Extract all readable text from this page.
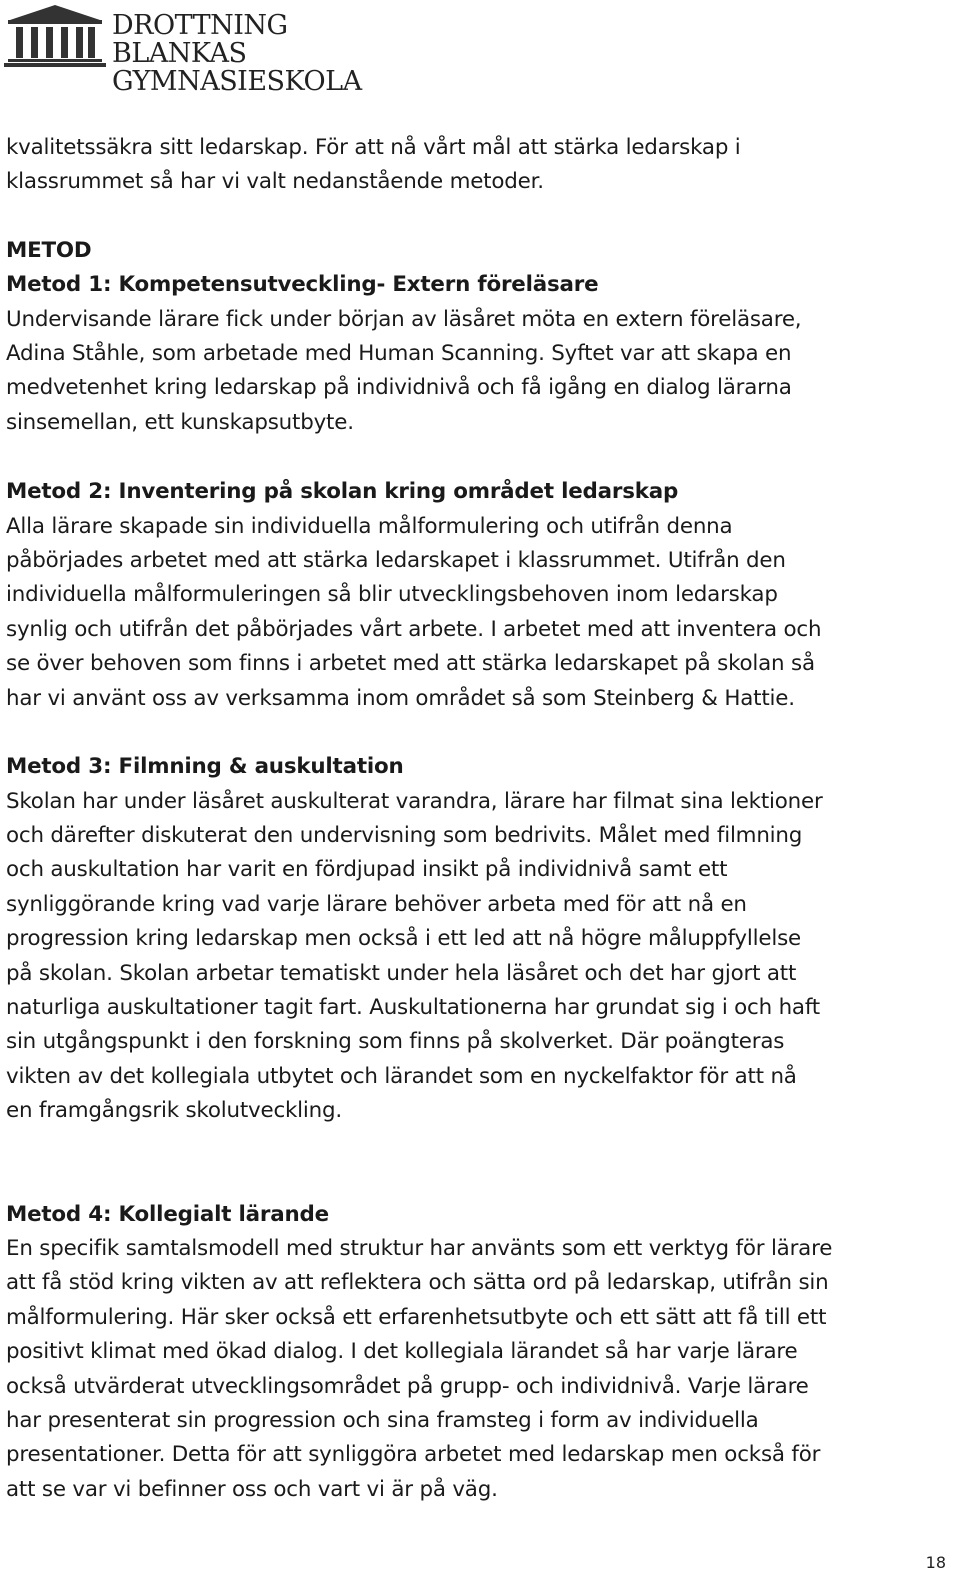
DROTTNING BLANKAS
GYMNASIESKOLA

kvalitetssäkra sitt ledarskap. För att nå vårt mål att stärka ledarskap i

klassrummet så har vi valt nedanstående metoder.

METOD

Metod 1: Kompetensutveckling- Extern föreläsare

Undervisande lärare fick under början av läsåret möta en extern föreläsare,

Adina Ståhle, som arbetade med Human Scanning. Syftet var att skapa en

medvetenhet kring ledarskap på individnivå och få igång en dialog lärarna

sinsemellan, ett kunskapsutbyte.

Metod 2: Inventering på skolan kring området ledarskap

Alla lärare skapade sin individuella målformulering och utifrån denna

påbörjades arbetet med att stärka ledarskapet i klassrummet. Utifrån den

individuella målformuleringen så blir utvecklingsbehoven inom ledarskap

synlig och utifrån det påbörjades vårt arbete. I arbetet med att inventera och

se över behoven som finns i arbetet med att stärka ledarskapet på skolan så

har vi använt oss av verksamma inom området så som Steinberg & Hattie.

Metod 3: Filmning & auskultation

Skolan har under läsåret auskulterat varandra, lärare har filmat sina lektioner

och därefter diskuterat den undervisning som bedrivits. Målet med filmning

och auskultation har varit en fördjupad insikt på individnivå samt ett

synliggörande kring vad varje lärare behöver arbeta med för att nå en

progression kring ledarskap men också i ett led att nå högre måluppfyllelse

på skolan. Skolan arbetar tematiskt under hela läsåret och det har gjort att

naturliga auskultationer tagit fart. Auskultationerna har grundat sig i och haft

sin utgångspunkt i den forskning som finns på skolverket. Där poängteras

vikten av det kollegiala utbytet och lärandet som en nyckelfaktor för att nå

en framgångsrik skolutveckling.

Metod 4: Kollegialt lärande

En specifik samtalsmodell med struktur har använts som ett verktyg för lärare

att få stöd kring vikten av att reflektera och sätta ord på ledarskap, utifrån sin

målformulering. Här sker också ett erfarenhetsutbyte och ett sätt att få till ett

positivt klimat med ökad dialog. I det kollegiala lärandet så har varje lärare

också utvärderat utvecklingsområdet på grupp- och individnivå. Varje lärare

har presenterat sin progression och sina framsteg i form av individuella

presentationer. Detta för att synliggöra arbetet med ledarskap men också för

att se var vi befinner oss och vart vi är på väg.

18
